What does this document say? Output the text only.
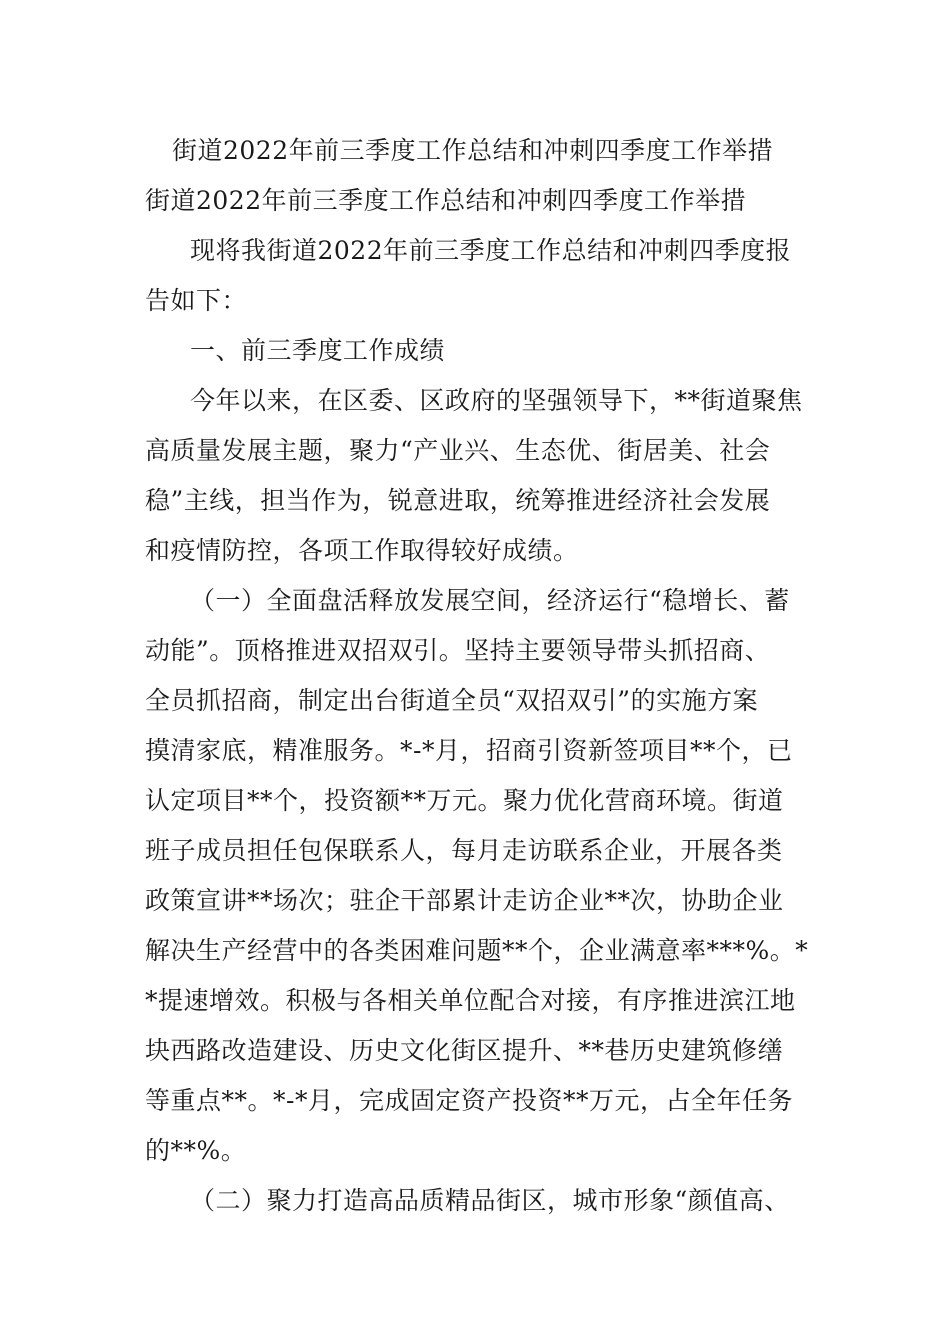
街道2022年前三季度工作总结和冲刺四季度工作举措
街道2022年前三季度工作总结和冲刺四季度工作举措
现将我街道2022年前三季度工作总结和冲刺四季度报
告如下：
一、前三季度工作成绩
今年以来，在区委、区政府的坚强领导下，**街道聚焦
高质量发展主题，聚力“产业兴、生态优、街居美、社会
稳”主线，担当作为，锐意进取，统筹推进经济社会发展
和疫情防控，各项工作取得较好成绩。
（一）全面盘活释放发展空间，经济运行“稳增长、蓄
动能”。顶格推进双招双引。坚持主要领导带头抓招商、
全员抓招商，制定出台街道全员“双招双引”的实施方案
摸清家底，精准服务。*-*月，招商引资新签项目**个，已
认定项目**个，投资额**万元。聚力优化营商环境。街道
班子成员担任包保联系人，每月走访联系企业，开展各类
政策宣讲**场次；驻企干部累计走访企业**次，协助企业
解决生产经营中的各类困难问题**个，企业满意率***%。*
*提速增效。积极与各相关单位配合对接，有序推进滨江地
块西路改造建设、历史文化街区提升、**巷历史建筑修缮
等重点**。*-*月，完成固定资产投资**万元，占全年任务
的**%。
（二）聚力打造高品质精品街区，城市形象“颜值高、
